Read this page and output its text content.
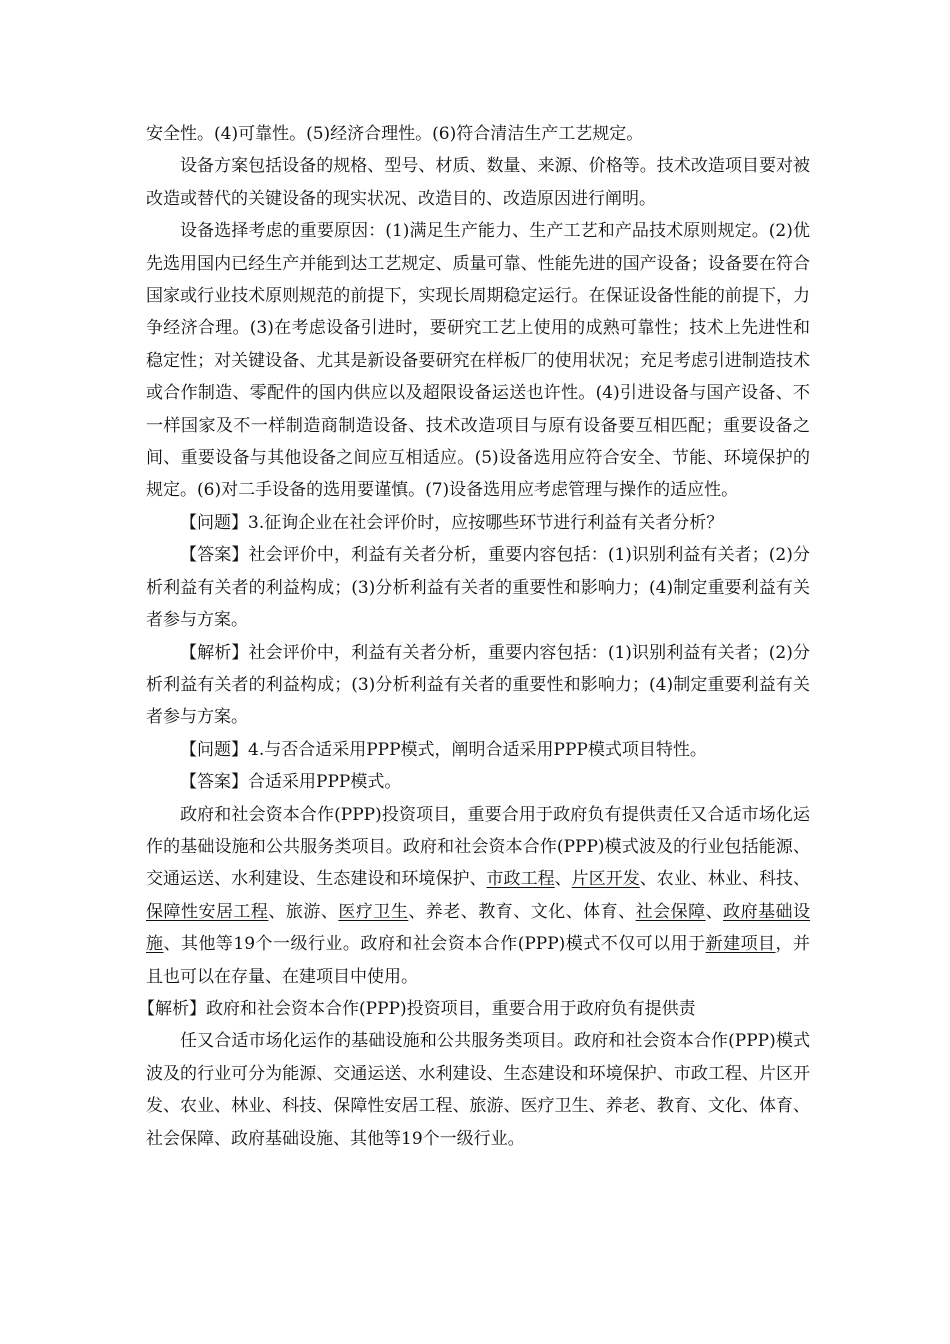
安全性。(4)可靠性。(5)经济合理性。(6)符合清洁生产工艺规定。

设备方案包括设备的规格、型号、材质、数量、来源、价格等。技术改造项目要对被改造或替代的关键设备的现实状况、改造目的、改造原因进行阐明。

设备选择考虑的重要原因：(1)满足生产能力、生产工艺和产品技术原则规定。(2)优先选用国内已经生产并能到达工艺规定、质量可靠、性能先进的国产设备；设备要在符合国家或行业技术原则规范的前提下，实现长周期稳定运行。在保证设备性能的前提下，力争经济合理。(3)在考虑设备引进时，要研究工艺上使用的成熟可靠性；技术上先进性和稳定性；对关键设备、尤其是新设备要研究在样板厂的使用状况；充足考虑引进制造技术或合作制造、零配件的国内供应以及超限设备运送也许性。(4)引进设备与国产设备、不一样国家及不一样制造商制造设备、技术改造项目与原有设备要互相匹配；重要设备之间、重要设备与其他设备之间应互相适应。(5)设备选用应符合安全、节能、环境保护的规定。(6)对二手设备的选用要谨慎。(7)设备选用应考虑管理与操作的适应性。

【问题】3.征询企业在社会评价时，应按哪些环节进行利益有关者分析？

【答案】社会评价中，利益有关者分析，重要内容包括：(1)识别利益有关者；(2)分析利益有关者的利益构成；(3)分析利益有关者的重要性和影响力；(4)制定重要利益有关者参与方案。

【解析】社会评价中，利益有关者分析，重要内容包括：(1)识别利益有关者；(2)分析利益有关者的利益构成；(3)分析利益有关者的重要性和影响力；(4)制定重要利益有关者参与方案。

【问题】4.与否合适采用PPP模式，阐明合适采用PPP模式项目特性。

【答案】合适采用PPP模式。

政府和社会资本合作(PPP)投资项目，重要合用于政府负有提供责任又合适市场化运作的基础设施和公共服务类项目。政府和社会资本合作(PPP)模式波及的行业包括能源、交通运送、水利建设、生态建设和环境保护、市政工程、片区开发、农业、林业、科技、保障性安居工程、旅游、医疗卫生、养老、教育、文化、体育、社会保障、政府基础设施、其他等19个一级行业。政府和社会资本合作(PPP)模式不仅可以用于新建项目，并且也可以在存量、在建项目中使用。

【解析】政府和社会资本合作(PPP)投资项目，重要合用于政府负有提供责

任又合适市场化运作的基础设施和公共服务类项目。政府和社会资本合作(PPP)模式波及的行业可分为能源、交通运送、水利建设、生态建设和环境保护、市政工程、片区开发、农业、林业、科技、保障性安居工程、旅游、医疗卫生、养老、教育、文化、体育、社会保障、政府基础设施、其他等19个一级行业。
